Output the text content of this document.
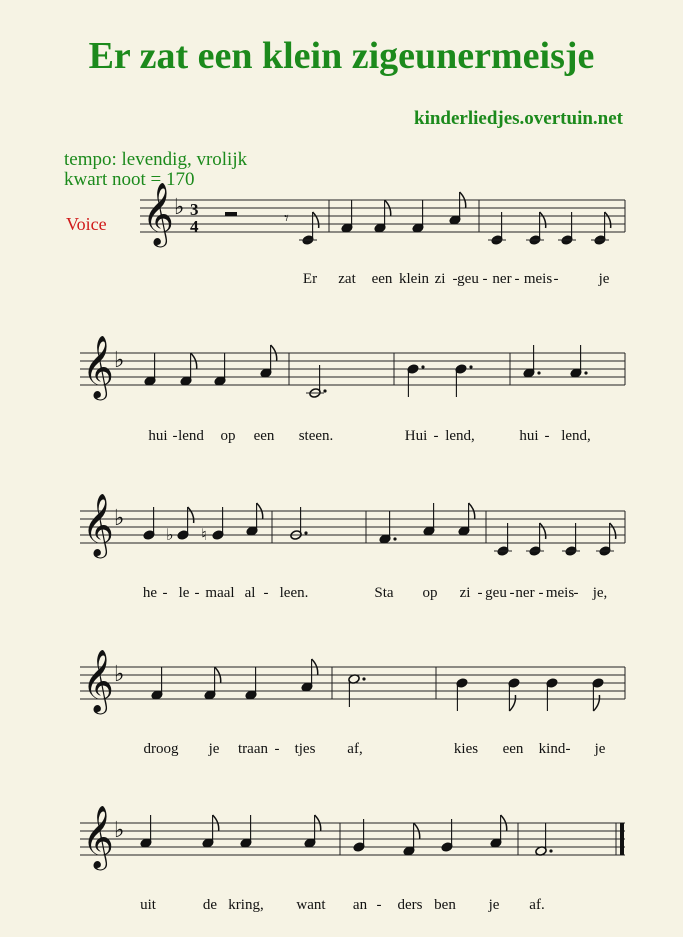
Er zat een klein zigeunermeisje
kinderliedjes.overtuin.net
tempo: levendig, vrolijk
kwart noot = 170
Voice 𝄞 ♭ 3
4	𝄾
Er zat een klein zi - geu - ner - meis -	je
𝄞 ♭
hui - lend op een steen.	Hui - lend,	hui - lend,
𝄞 ♭
♭ ♮
he - le - maal al - leen.	Sta op zi - geu - ner - meis - je,
𝄞 ♭
droog je traan - tjes af,	kies een kind - je
𝄞 ♭
uit	de kring, want an - ders ben je af.
